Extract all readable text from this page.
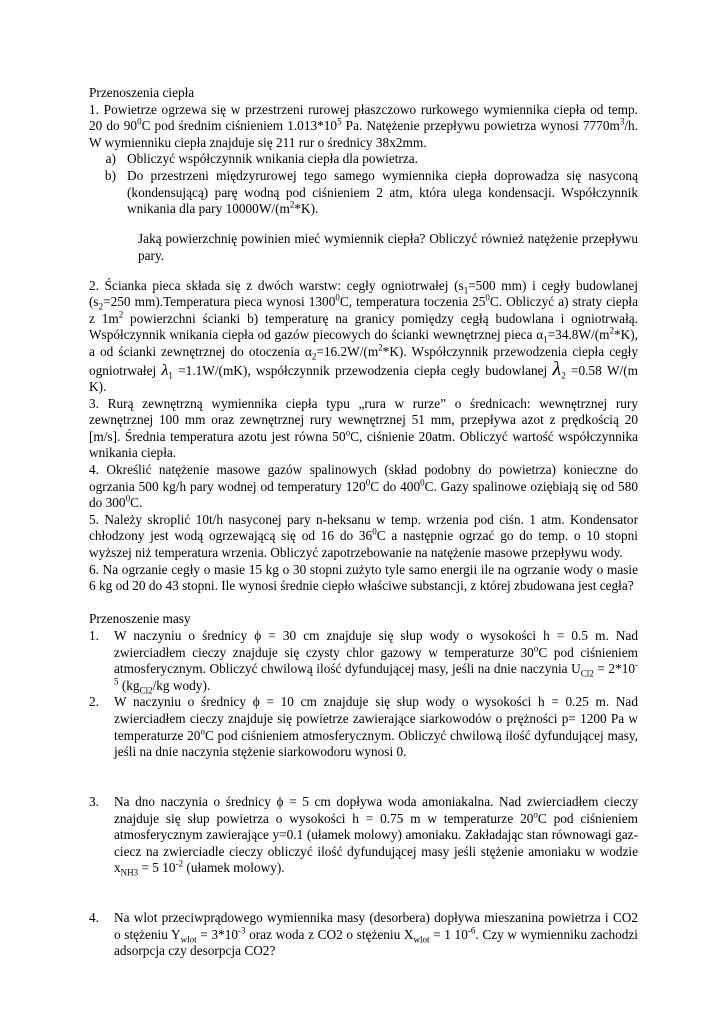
Przenoszenia ciepła

1. Powietrze ogrzewa się w przestrzeni rurowej płaszczowo rurkowego wymiennika ciepła od temp. 20 do $90^0C$ pod średnim ciśnieniem $1.013*10^5$ Pa. Natężenie przepływu powietrza wynosi $7770m^3/h$. W wymienniku ciepła znajduje się 211 rur o średnicy 38x2mm.

a) Obliczyć współczynnik wnikania ciepła dla powietrza.
b) Do przestrzeni międzyrurowej tego samego wymiennika ciepła doprowadza się nasyconą (kondensującą) parę wodną pod ciśnieniem 2 atm, która ulega kondensacji. Współczynnik wnikania dla pary $10000W/(m^2*K)$.

Jaką powierzchnię powinien mieć wymiennik ciepła? Obliczyć również natężenie przepływu pary.

2. Ścianka pieca składa się z dwóch warstw: cegły ogniotrwałej ($s_1=500$ mm) i cegły budowlanej ($s_2=250$ mm).Temperatura pieca wynosi 1300$^0$C, temperatura toczenia $25^0C$. Obliczyć a) straty ciepła z $1m^2$ powierzchni ścianki b) temperaturę na granicy pomiędzy cegłą budowlana i ogniotrwałą. Współczynnik wnikania ciepła od gazów piecowych do ścianki wewnętrznej pieca $\alpha_1=34.8W/(m^2*K)$, a od ścianki zewnętrznej do otoczenia $\alpha_2=16.2W/(m^2*K)$. Współczynnik przewodzenia ciepła cegły ogniotrwałej $\lambda_1 =1.1W/(mK)$, współczynnik przewodzenia ciepła cegły budowlanej $\lambda_2 =0.58$ W/(m K).

3. Rurą zewnętrzną wymiennika ciepła typu „rura w rurze” o średnicach: wewnętrznej rury zewnętrznej 100 mm oraz zewnętrznej rury wewnętrznej 51 mm, przepływa azot z prędkością 20 [m/s]. Średnia temperatura azotu jest równa 50$^o$C, ciśnienie 20atm. Obliczyć wartość współczynnika wnikania ciepła.

4. Określić natężenie masowe gazów spalinowych (skład podobny do powietrza) konieczne do ogrzania 500 kg/h pary wodnej od temperatury $120^0C$ do $400^0C$. Gazy spalinowe oziębiają się od 580 do $300^0C$.

5. Należy skroplić 10t/h nasyconej pary n-heksanu w temp. wrzenia pod ciśn. 1 atm. Kondensator chłodzony jest wodą ogrzewającą się od 16 do $36^0C$ a następnie ogrzać go do temp. o 10 stopni wyższej niż temperatura wrzenia. Obliczyć zapotrzebowanie na natężenie masowe przepływu wody.

6. Na ogrzanie cegły o masie 15 kg o 30 stopni zużyto tyle samo energii ile na ogrzanie wody o masie 6 kg od 20 do 43 stopni. Ile wynosi średnie ciepło właściwe substancji, z której zbudowana jest cegła?

Przenoszenie masy

1.	W naczyniu o średnicy ϕ = 30 cm znajduje się słup wody o wysokości h = 0.5 m. Nad zwierciadłem cieczy znajduje się czysty chlor gazowy w temperaturze 30$^o$C pod ciśnieniem atmosferycznym. Obliczyć chwilową ilość dyfundującej masy, jeśli na dnie naczynia $U_{Cl2} = 2*10^{-5}$ ($kg_{Cl2}/kg$ wody).
2.	W naczyniu o średnicy ϕ = 10 cm znajduje się słup wody o wysokości h = 0.25 m. Nad zwierciadłem cieczy znajduje się powietrze zawierające siarkowodów o prężności p= 1200 Pa w temperaturze 20$^o$C pod ciśnieniem atmosferycznym. Obliczyć chwilową ilość dyfundującej masy, jeśli na dnie naczynia stężenie siarkowodoru wynosi 0.
3.	Na dno naczynia o średnicy ϕ = 5 cm dopływa woda amoniakalna. Nad zwierciadłem cieczy znajduje się słup powietrza o wysokości h = 0.75 m w temperaturze 20$^o$C pod ciśnieniem atmosferycznym zawierające y=0.1 (ułamek molowy) amoniaku. Zakładając stan równowagi gaz-ciecz na zwierciadle cieczy obliczyć ilość dyfundującej masy jeśli stężenie amoniaku w wodzie $x_{NH3} = 5$ $10^{-2}$ (ułamek molowy).
4.	Na wlot przeciwprądowego wymiennika masy (desorbera) dopływa mieszanina powietrza i CO2 o stężeniu $Y_{wlot} = 3*10^{-3}$ oraz woda z CO2 o stężeniu $X_{wlot} = 1$ $10^{-6}$. Czy w wymienniku zachodzi adsorpcja czy desorpcja CO2?
